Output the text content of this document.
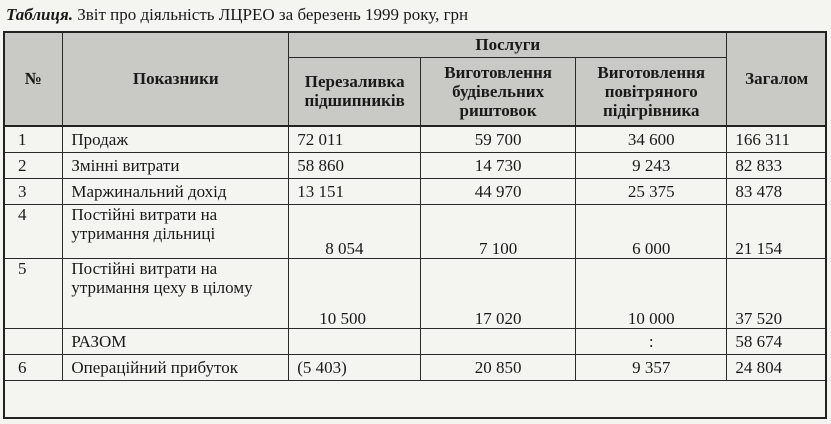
Таблиця. Звіт про діяльність ЛЦРЕО за березень 1999 року, грн
№	Показники	Послуги			Загалом
		Перезаливка підшипників	Виготовлення будівельних риштовок	Виготовлення повітряного підігрівника	
1	Продаж	72 011	59 700	34 600	166 311
2	Змінні витрати	58 860	14 730	9 243	82 833
3	Маржинальний дохід	13 151	44 970	25 375	83 478
4	Постійні витрати на утримання дільниці	8 054	7 100	6 000	21 154
5	Постійні витрати на утримання цеху в цілому	10 500	17 020	10 000	37 520
	РАЗОМ			:	58 674
6	Операційний прибуток	(5 403)	20 850	9 357	24 804
